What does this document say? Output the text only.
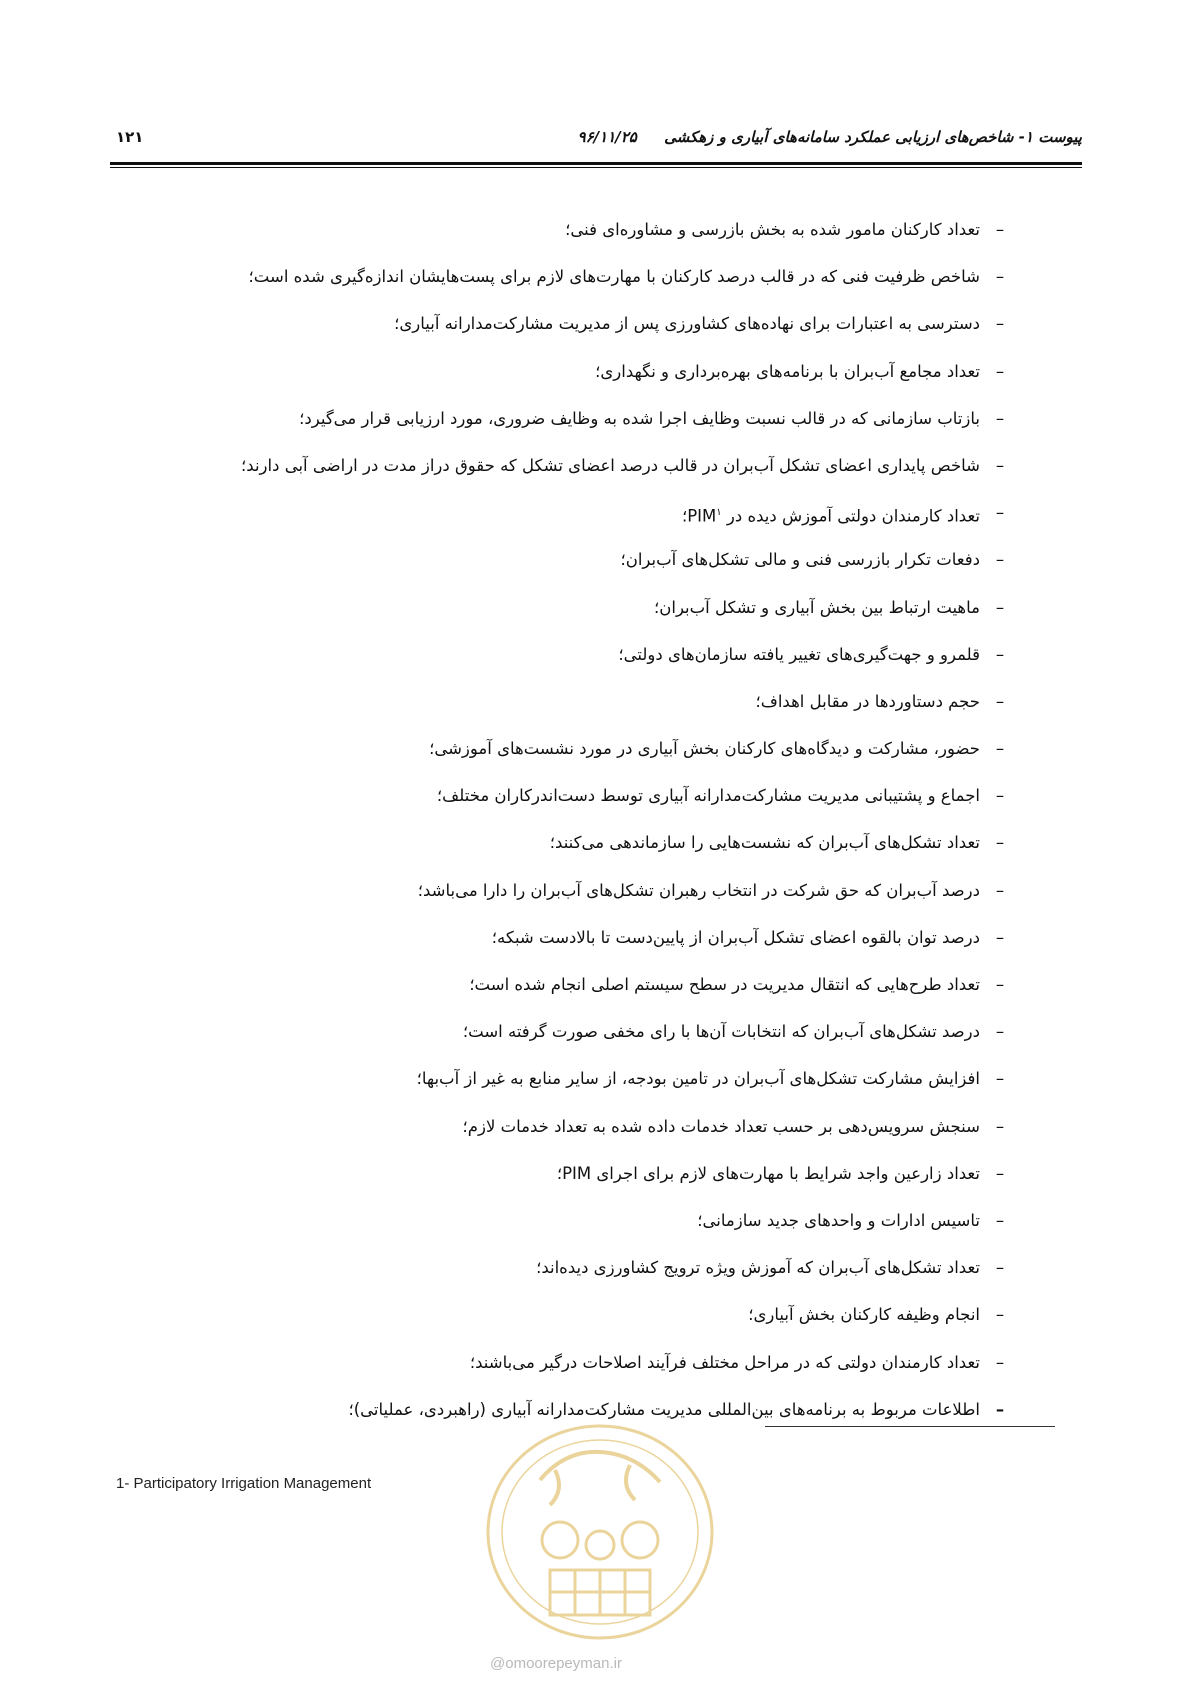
پیوست ۱- شاخص‌های ارزیابی عملکرد سامانه‌های آبیاری و زهکشی ۹۶/۱۱/۲۵
۱۲۱
–
تعداد کارکنان مامور شده به بخش بازرسی و مشاوره‌ای فنی؛
–
شاخص ظرفیت فنی که در قالب درصد کارکنان با مهارت‌های لازم برای پست‌هایشان اندازه‌گیری شده است؛
–
دسترسی به اعتبارات برای نهاده‌های کشاورزی پس از مدیریت مشارکت‌مدارانه آبیاری؛
–
تعداد مجامع آب‌بران با برنامه‌های بهره‌برداری و نگهداری؛
–
بازتاب سازمانی که در قالب نسبت وظایف اجرا شده به وظایف ضروری، مورد ارزیابی قرار می‌گیرد؛
–
شاخص پایداری اعضای تشکل آب‌بران در قالب درصد اعضای تشکل که حقوق دراز مدت در اراضی آبی دارند؛
–
تعداد کارمندان دولتی آموزش دیده در PIM$^۱$؛
–
دفعات تکرار بازرسی فنی و مالی تشکل‌های آب‌بران؛
–
ماهیت ارتباط بین بخش آبیاری و تشکل آب‌بران؛
–
قلمرو و جهت‌گیری‌های تغییر یافته سازمان‌های دولتی؛
–
حجم دستاوردها در مقابل اهداف؛
–
حضور، مشارکت و دیدگاه‌های کارکنان بخش آبیاری در مورد نشست‌های آموزشی؛
–
اجماع و پشتیبانی مدیریت مشارکت‌مدارانه آبیاری توسط دست‌اندرکاران مختلف؛
–
تعداد تشکل‌های آب‌بران که نشست‌هایی را سازماندهی می‌کنند؛
–
درصد آب‌بران که حق شرکت در انتخاب رهبران تشکل‌های آب‌بران را دارا می‌باشد؛
–
درصد توان بالقوه اعضای تشکل آب‌بران از پایین‌دست تا بالادست شبکه؛
–
تعداد طرح‌هایی که انتقال مدیریت در سطح سیستم اصلی انجام شده است؛
–
درصد تشکل‌های آب‌بران که انتخابات آن‌ها با رای مخفی صورت گرفته است؛
–
افزایش مشارکت تشکل‌های آب‌بران در تامین بودجه، از سایر منابع به غیر از آب‌بها؛
–
سنجش سرویس‌دهی بر حسب تعداد خدمات داده شده به تعداد خدمات لازم؛
–
تعداد زارعین واجد شرایط با مهارت‌های لازم برای اجرای PIM؛
–
تاسیس ادارات و واحدهای جدید سازمانی؛
–
تعداد تشکل‌های آب‌بران که آموزش ویژه ترویج کشاورزی دیده‌اند؛
–
انجام وظیفه کارکنان بخش آبیاری؛
–
تعداد کارمندان دولتی که در مراحل مختلف فرآیند اصلاحات درگیر می‌باشند؛
–
اطلاعات مربوط به برنامه‌های بین‌المللی مدیریت مشارکت‌مدارانه آبیاری (راهبردی، عملیاتی)؛
1- Participatory Irrigation Management
@omoorepeyman.ir
